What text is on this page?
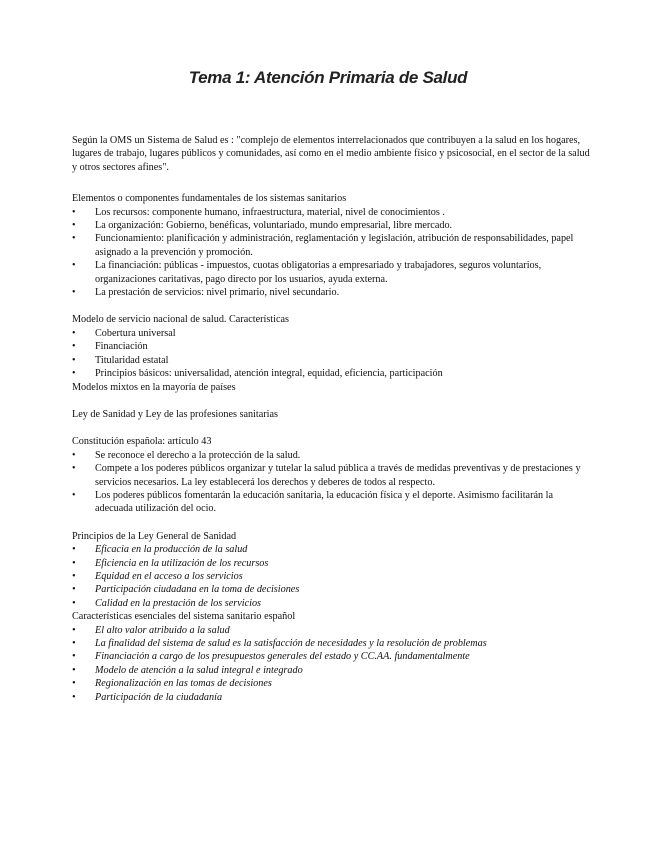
Tema 1: Atención Primaria de Salud

Según la OMS un Sistema de Salud es : "complejo de elementos interrelacionados que contribuyen a la salud en los hogares, lugares de trabajo, lugares públicos y comunidades, así como en el medio ambiente físico y psicosocial, en el sector de la salud y otros sectores afines".

Elementos o componentes fundamentales de los sistemas sanitarios

• Los recursos: componente humano, infraestructura, material, nivel de conocimientos .
• La organización: Gobierno, benéficas, voluntariado, mundo empresarial, libre mercado.
• Funcionamiento: planificación y administración, reglamentación y legislación, atribución de responsabilidades, papel asignado a la prevención y promoción.
• La financiación: públicas - impuestos, cuotas obligatorias a empresariado y trabajadores, seguros voluntarios, organizaciones caritativas, pago directo por los usuarios, ayuda externa.
• La prestación de servicios: nivel primario, nivel secundario.

Modelo de servicio nacional de salud. Características

• Cobertura universal
• Financiación
• Titularidad estatal
• Principios básicos: universalidad, atención integral, equidad, eficiencia, participación

Modelos mixtos en la mayoría de países

Ley de Sanidad y Ley de las profesiones sanitarias

Constitución española: artículo 43

• Se reconoce el derecho a la protección de la salud.
• Compete a los poderes públicos organizar y tutelar la salud pública a través de medidas preventivas y de prestaciones y servicios necesarios. La ley establecerá los derechos y deberes de todos al respecto.
• Los poderes públicos fomentarán la educación sanitaria, la educación física y el deporte. Asimismo facilitarán la adecuada utilización del ocio.

Principios de la Ley General de Sanidad

• Eficacia en la producción de la salud
• Eficiencia en la utilización de los recursos
• Equidad en el acceso a los servicios
• Participación ciudadana en la toma de decisiones
• Calidad en la prestación de los servicios

Características esenciales del sistema sanitario español

• El alto valor atribuido a la salud
• La finalidad del sistema de salud es la satisfacción de necesidades y la resolución de problemas
• Financiación a cargo de los presupuestos generales del estado y CC.AA. fundamentalmente
• Modelo de atención a la salud integral e integrado
• Regionalización en las tomas de decisiones
• Participación de la ciudadanía
